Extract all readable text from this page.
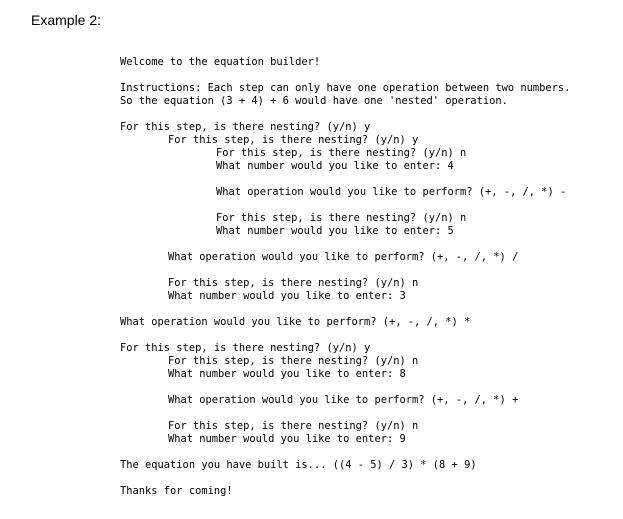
Example 2:
Welcome to the equation builder!
Instructions: Each step can only have one operation between two numbers.
So the equation (3 + 4) + 6 would have one 'nested' operation.
For this step, is there nesting? (y/n) y
For this step, is there nesting? (y/n) y
For this step, is there nesting? (y/n) n
What number would you like to enter: 4
What operation would you like to perform? (+, -, /, *) -
For this step, is there nesting? (y/n) n
What number would you like to enter: 5
What operation would you like to perform? (+, -, /, *) /
For this step, is there nesting? (y/n) n
What number would you like to enter: 3
What operation would you like to perform? (+, -, /, *) *
For this step, is there nesting? (y/n) y
For this step, is there nesting? (y/n) n
What number would you like to enter: 8
What operation would you like to perform? (+, -, /, *) +
For this step, is there nesting? (y/n) n
What number would you like to enter: 9
The equation you have built is... ((4 - 5) / 3) * (8 + 9)
Thanks for coming!
